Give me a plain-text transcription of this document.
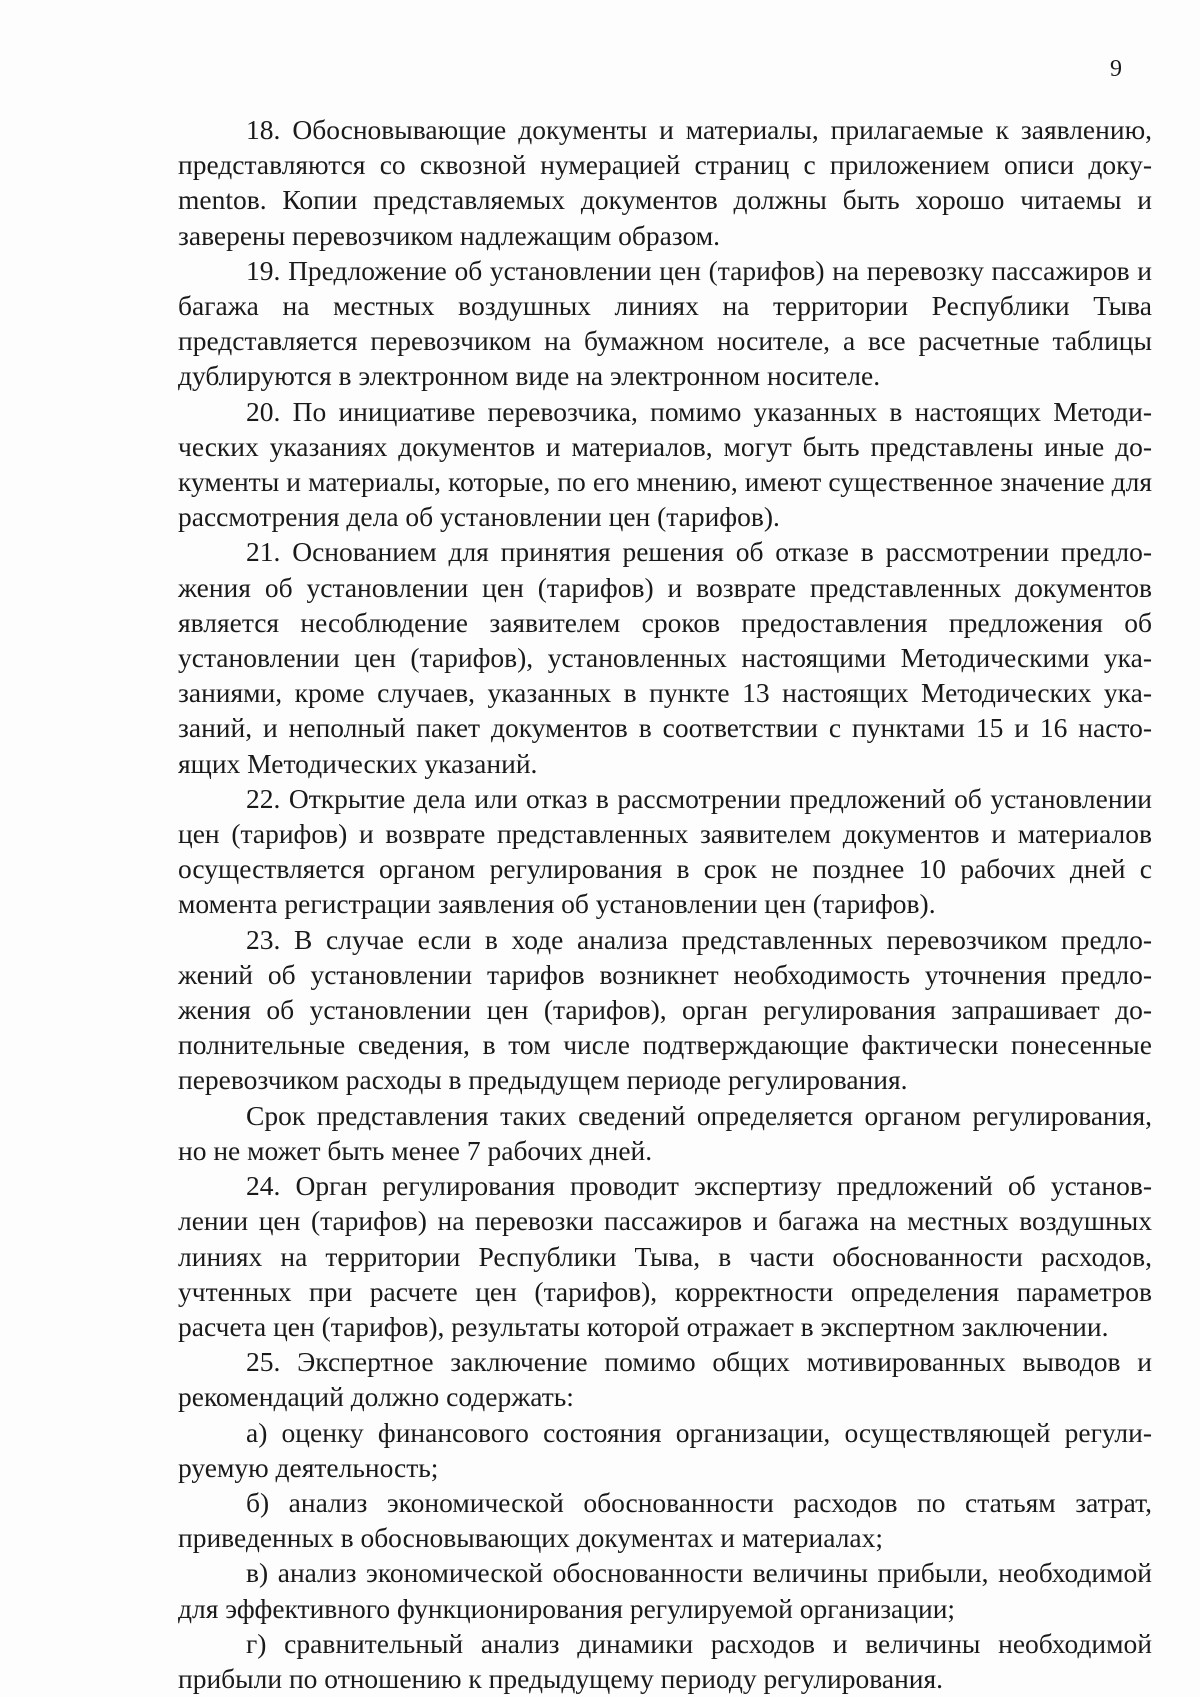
9

18. Обосновывающие документы и материалы, прилагаемые к заявлению, представляются со сквозной нумерацией страниц с приложением описи докуmentов. Копии представляемых документов должны быть хорошо читаемы и заверены перевозчиком надлежащим образом.

19. Предложение об установлении цен (тарифов) на перевозку пассажиров и багажа на местных воздушных линиях на территории Республики Тыва представляется перевозчиком на бумажном носителе, а все расчетные таблицы дублируются в электронном виде на электронном носителе.

20. По инициативе перевозчика, помимо указанных в настоящих Методических указаниях документов и материалов, могут быть представлены иные документы и материалы, которые, по его мнению, имеют существенное значение для рассмотрения дела об установлении цен (тарифов).

21. Основанием для принятия решения об отказе в рассмотрении предложения об установлении цен (тарифов) и возврате представленных документов является несоблюдение заявителем сроков предоставления предложения об установлении цен (тарифов), установленных настоящими Методическими указаниями, кроме случаев, указанных в пункте 13 настоящих Методических указаний, и неполный пакет документов в соответствии с пунктами 15 и 16 настоящих Методических указаний.

22. Открытие дела или отказ в рассмотрении предложений об установлении цен (тарифов) и возврате представленных заявителем документов и материалов осуществляется органом регулирования в срок не позднее 10 рабочих дней с момента регистрации заявления об установлении цен (тарифов).

23. В случае если в ходе анализа представленных перевозчиком предложений об установлении тарифов возникнет необходимость уточнения предложения об установлении цен (тарифов), орган регулирования запрашивает дополнительные сведения, в том числе подтверждающие фактически понесенные перевозчиком расходы в предыдущем периоде регулирования.

Срок представления таких сведений определяется органом регулирования, но не может быть менее 7 рабочих дней.

24. Орган регулирования проводит экспертизу предложений об установлении цен (тарифов) на перевозки пассажиров и багажа на местных воздушных линиях на территории Республики Тыва, в части обоснованности расходов, учтенных при расчете цен (тарифов), корректности определения параметров расчета цен (тарифов), результаты которой отражает в экспертном заключении.

25. Экспертное заключение помимо общих мотивированных выводов и рекомендаций должно содержать:

а) оценку финансового состояния организации, осуществляющей регулируемую деятельность;

б) анализ экономической обоснованности расходов по статьям затрат, приведенных в обосновывающих документах и материалах;

в) анализ экономической обоснованности величины прибыли, необходимой для эффективного функционирования регулируемой организации;

г) сравнительный анализ динамики расходов и величины необходимой прибыли по отношению к предыдущему периоду регулирования.
